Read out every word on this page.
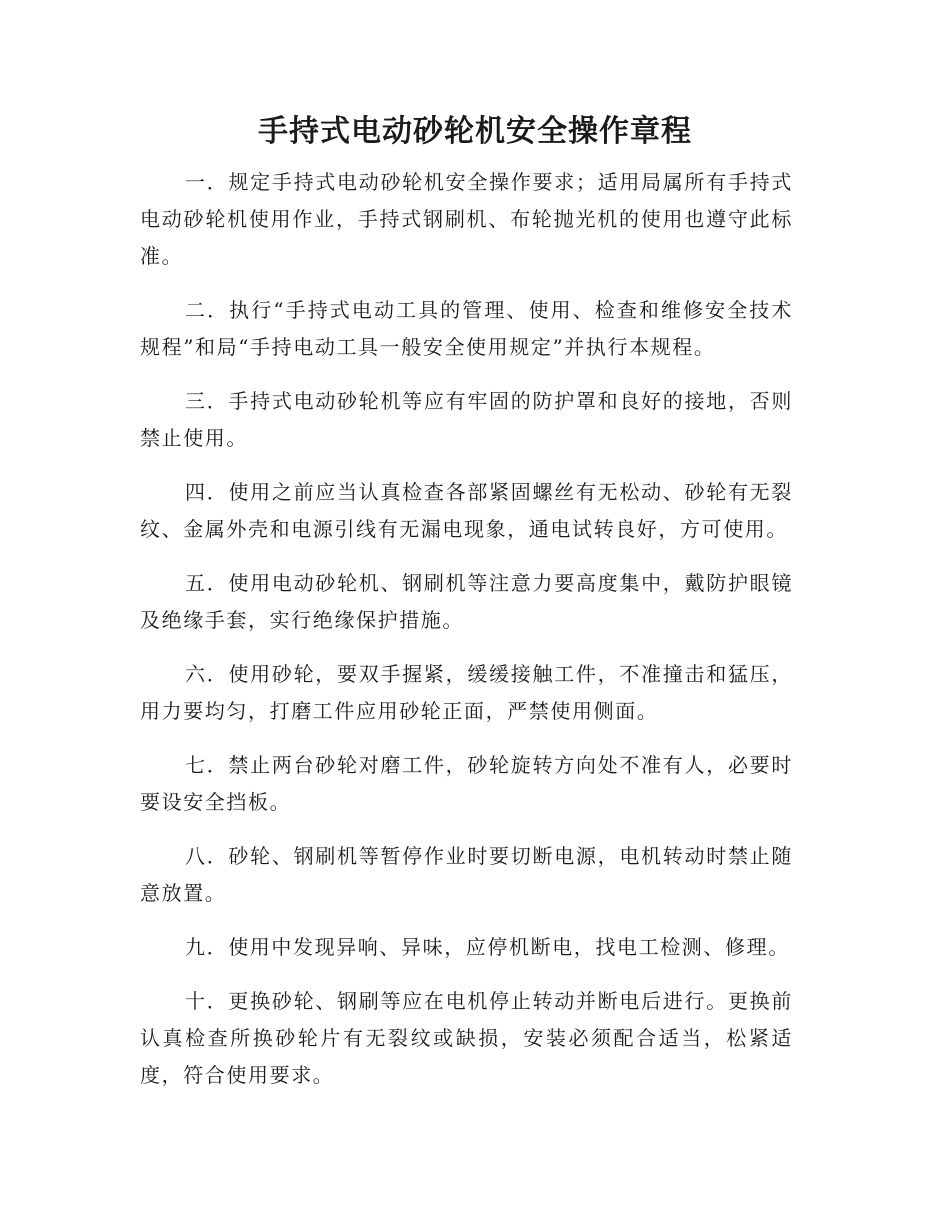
手持式电动砂轮机安全操作章程

一．规定手持式电动砂轮机安全操作要求；适用局属所有手持式电动砂轮机使用作业，手持式钢刷机、布轮抛光机的使用也遵守此标准。

二．执行“手持式电动工具的管理、使用、检查和维修安全技术规程”和局“手持电动工具一般安全使用规定”并执行本规程。

三．手持式电动砂轮机等应有牢固的防护罩和良好的接地，否则禁止使用。

四．使用之前应当认真检查各部紧固螺丝有无松动、砂轮有无裂纹、金属外壳和电源引线有无漏电现象，通电试转良好，方可使用。

五．使用电动砂轮机、钢刷机等注意力要高度集中，戴防护眼镜及绝缘手套，实行绝缘保护措施。

六．使用砂轮，要双手握紧，缓缓接触工件，不准撞击和猛压，用力要均匀，打磨工件应用砂轮正面，严禁使用侧面。

七．禁止两台砂轮对磨工件，砂轮旋转方向处不准有人，必要时要设安全挡板。

八．砂轮、钢刷机等暂停作业时要切断电源，电机转动时禁止随意放置。

九．使用中发现异响、异味，应停机断电，找电工检测、修理。

十．更换砂轮、钢刷等应在电机停止转动并断电后进行。更换前认真检查所换砂轮片有无裂纹或缺损，安装必须配合适当，松紧适度，符合使用要求。
